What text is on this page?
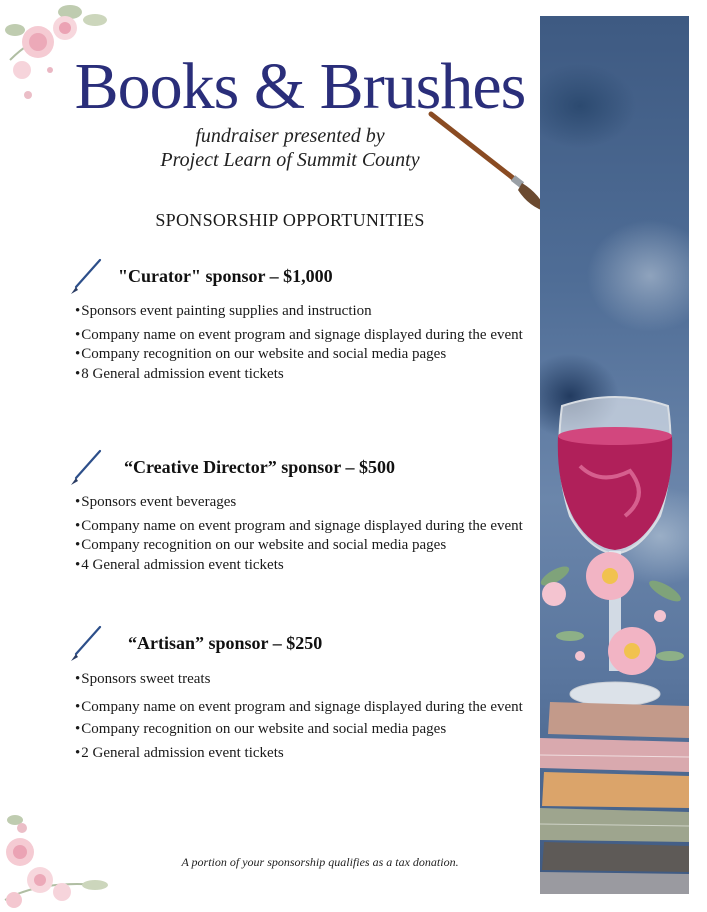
Books & Brushes
fundraiser presented by
Project Learn of Summit County
SPONSORSHIP OPPORTUNITIES
"Curator" sponsor – $1,000
•Sponsors event painting supplies and instruction
•Company name on event program and signage displayed during the event
•Company recognition on our website and social media pages
•8 General admission event tickets
“Creative Director” sponsor – $500
•Sponsors event beverages
•Company name on event program and signage displayed during the event
•Company recognition on our website and social media pages
•4 General admission event tickets
“Artisan” sponsor – $250
•Sponsors sweet treats
•Company name on event program and signage displayed during the event
•Company recognition on our website and social media pages
•2 General admission event tickets
A portion of your sponsorship qualifies as a tax donation.
